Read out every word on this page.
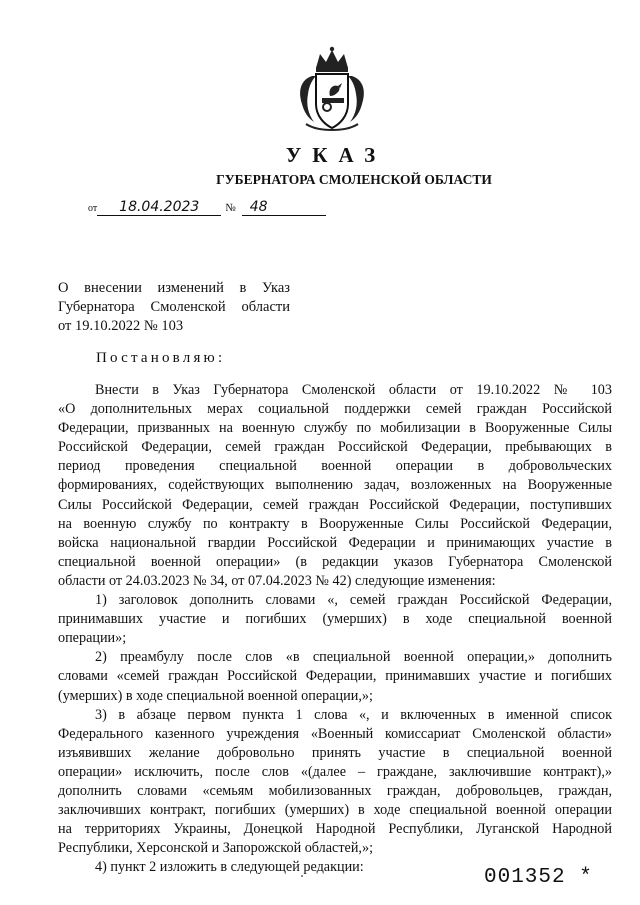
УКАЗ
ГУБЕРНАТОРА СМОЛЕНСКОЙ ОБЛАСТИ
от 18.04.2023 № 48
О внесении изменений в Указ
Губернатора Смоленской области
от 19.10.2022 № 103
Постановляю:
Внести в Указ Губернатора Смоленской области от 19.10.2022 № 103
«О дополнительных мерах социальной поддержки семей граждан Российской
Федерации, призванных на военную службу по мобилизации в Вооруженные Силы
Российской Федерации, семей граждан Российской Федерации, пребывающих в
период проведения специальной военной операции в добровольческих
формированиях, содействующих выполнению задач, возложенных на Вооруженные
Силы Российской Федерации, семей граждан Российской Федерации, поступивших
на военную службу по контракту в Вооруженные Силы Российской Федерации,
войска национальной гвардии Российской Федерации и принимающих участие в
специальной военной операции» (в редакции указов Губернатора Смоленской
области от 24.03.2023 № 34, от 07.04.2023 № 42) следующие изменения:
1) заголовок дополнить словами «, семей граждан Российской Федерации,
принимавших участие и погибших (умерших) в ходе специальной военной
операции»;
2) преамбулу после слов «в специальной военной операции,» дополнить
словами «семей граждан Российской Федерации, принимавших участие и погибших
(умерших) в ходе специальной военной операции,»;
3) в абзаце первом пункта 1 слова «, и включенных в именной список
Федерального казенного учреждения «Военный комиссариат Смоленской области»
изъявивших желание добровольно принять участие в специальной военной
операции» исключить, после слов «(далее – граждане, заключившие контракт),»
дополнить словами «семьям мобилизованных граждан, добровольцев, граждан,
заключивших контракт, погибших (умерших) в ходе специальной военной операции
на территориях Украины, Донецкой Народной Республики, Луганской Народной
Республики, Херсонской и Запорожской областей,»;
4) пункт 2 изложить в следующей редакции:	001352 *
